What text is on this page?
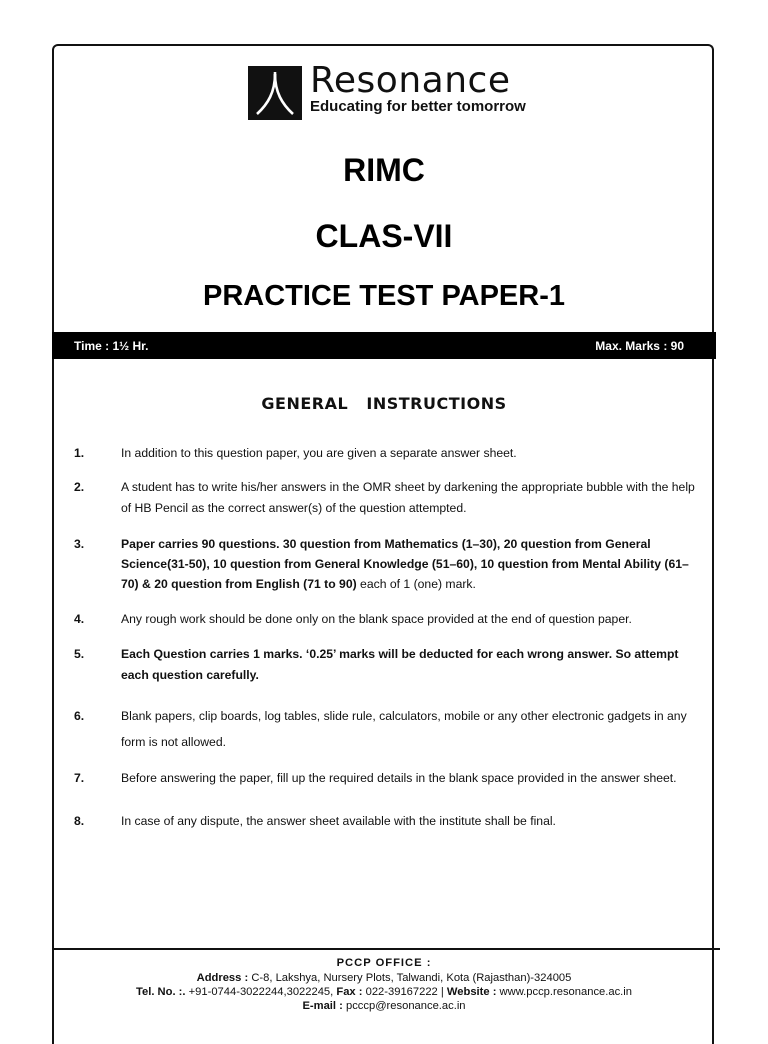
Resonance
Educating for better tomorrow
RIMC
CLAS-VII
PRACTICE TEST PAPER-1
Time : 1½ Hr.	Max. Marks : 90
GENERAL   INSTRUCTIONS
1.	In addition to this question paper, you are given a separate answer sheet.
2.	A student has to write his/her answers in the OMR sheet by darkening the appropriate bubble with the help of HB Pencil as the correct answer(s) of the question attempted.
3.	Paper carries 90 questions. 30 question from Mathematics (1–30), 20 question from General Science(31-50), 10 question from General Knowledge (51–60), 10 question from Mental Ability (61–70) & 20 question from English (71 to 90) each of 1 (one) mark.
4.	Any rough work should be done only on the blank space provided at the end of question paper.
5.	Each Question carries 1 marks. ‘0.25’ marks will be deducted for each wrong answer. So attempt each question carefully.
6.	Blank papers, clip boards, log tables, slide rule, calculators, mobile or any other electronic gadgets in any form is not allowed.
7.	Before answering the paper, fill up the required details in the blank space provided in the answer sheet.
8.	In case of any dispute, the answer sheet available with the institute shall be final.
PCCP OFFICE :
Address : C-8, Lakshya, Nursery Plots, Talwandi, Kota (Rajasthan)-324005
Tel. No. :. +91-0744-3022244,3022245, Fax : 022-39167222 | Website : www.pccp.resonance.ac.in
E-mail : pcccp@resonance.ac.in
